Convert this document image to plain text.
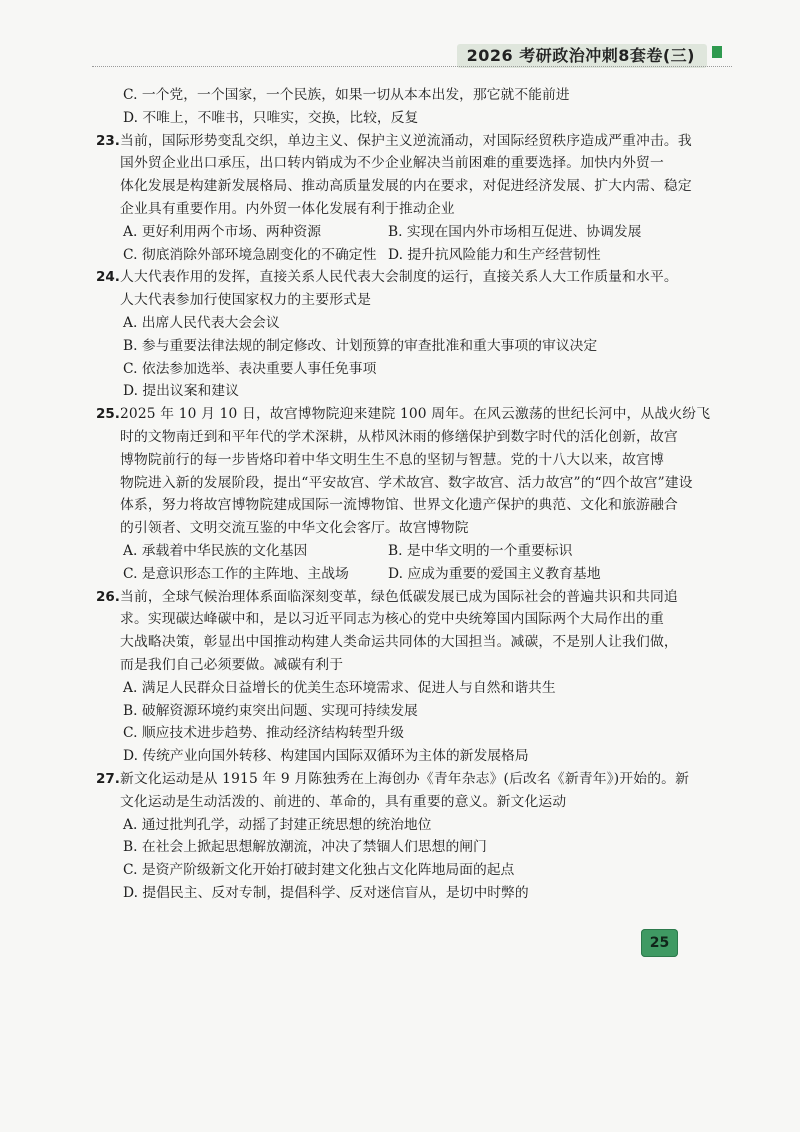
2026 考研政治冲刺8套卷(三)
C. 一个党，一个国家，一个民族，如果一切从本本出发，那它就不能前进
D. 不唯上，不唯书，只唯实，交换，比较，反复
23. 当前，国际形势变乱交织，单边主义、保护主义逆流涌动，对国际经贸秩序造成严重冲击。我
国外贸企业出口承压，出口转内销成为不少企业解决当前困难的重要选择。加快内外贸一
体化发展是构建新发展格局、推动高质量发展的内在要求，对促进经济发展、扩大内需、稳定
企业具有重要作用。内外贸一体化发展有利于推动企业
A. 更好利用两个市场、两种资源	B. 实现在国内外市场相互促进、协调发展
C. 彻底消除外部环境急剧变化的不确定性 D. 提升抗风险能力和生产经营韧性
24. 人大代表作用的发挥，直接关系人民代表大会制度的运行，直接关系人大工作质量和水平。
人大代表参加行使国家权力的主要形式是
A. 出席人民代表大会会议
B. 参与重要法律法规的制定修改、计划预算的审查批准和重大事项的审议决定
C. 依法参加选举、表决重要人事任免事项
D. 提出议案和建议
25. 2025 年 10 月 10 日，故宫博物院迎来建院 100 周年。在风云激荡的世纪长河中，从战火纷飞
时的文物南迁到和平年代的学术深耕，从栉风沐雨的修缮保护到数字时代的活化创新，故宫
博物院前行的每一步皆烙印着中华文明生生不息的坚韧与智慧。党的十八大以来，故宫博
物院进入新的发展阶段，提出“平安故宫、学术故宫、数字故宫、活力故宫”的“四个故宫”建设
体系，努力将故宫博物院建成国际一流博物馆、世界文化遗产保护的典范、文化和旅游融合
的引领者、文明交流互鉴的中华文化会客厅。故宫博物院
A. 承载着中华民族的文化基因	B. 是中华文明的一个重要标识
C. 是意识形态工作的主阵地、主战场	D. 应成为重要的爱国主义教育基地
26. 当前，全球气候治理体系面临深刻变革，绿色低碳发展已成为国际社会的普遍共识和共同追
求。实现碳达峰碳中和，是以习近平同志为核心的党中央统筹国内国际两个大局作出的重
大战略决策，彰显出中国推动构建人类命运共同体的大国担当。减碳，不是别人让我们做，
而是我们自己必须要做。减碳有利于
A. 满足人民群众日益增长的优美生态环境需求、促进人与自然和谐共生
B. 破解资源环境约束突出问题、实现可持续发展
C. 顺应技术进步趋势、推动经济结构转型升级
D. 传统产业向国外转移、构建国内国际双循环为主体的新发展格局
27. 新文化运动是从 1915 年 9 月陈独秀在上海创办《青年杂志》(后改名《新青年》)开始的。新
文化运动是生动活泼的、前进的、革命的，具有重要的意义。新文化运动
A. 通过批判孔学，动摇了封建正统思想的统治地位
B. 在社会上掀起思想解放潮流，冲决了禁锢人们思想的闸门
C. 是资产阶级新文化开始打破封建文化独占文化阵地局面的起点
D. 提倡民主、反对专制，提倡科学、反对迷信盲从，是切中时弊的
25
